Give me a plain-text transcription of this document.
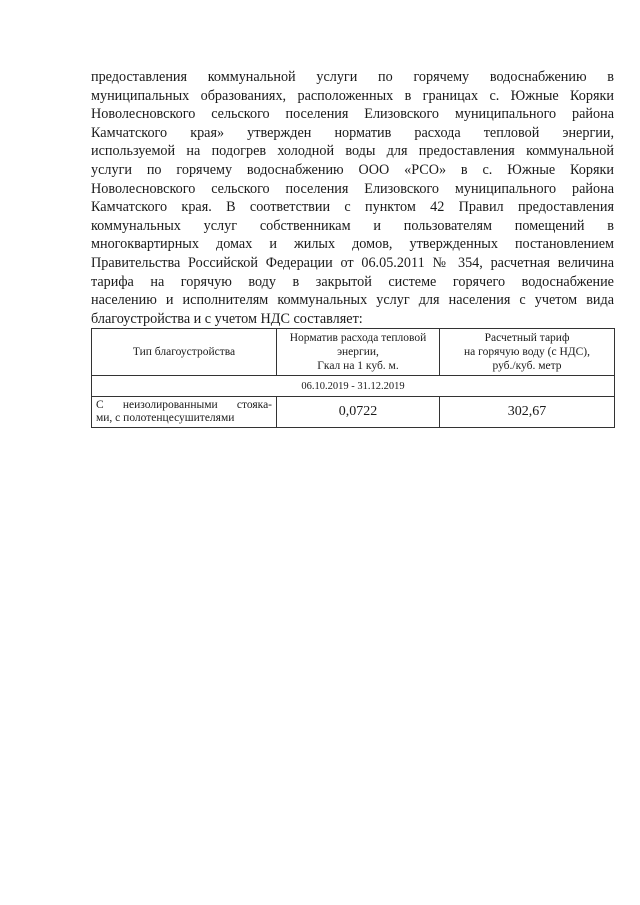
предоставления коммунальной услуги по горячему водоснабжению в
муниципальных образованиях, расположенных в границах с. Южные Коряки
Новолесновского сельского поселения Елизовского муниципального района
Камчатского края» утвержден норматив расхода тепловой энергии,
используемой на подогрев холодной воды для предоставления коммунальной
услуги по горячему водоснабжению ООО «РСО» в с. Южные Коряки
Новолесновского сельского поселения Елизовского муниципального района
Камчатского края. В соответствии с пунктом 42 Правил предоставления
коммунальных услуг собственникам и пользователям помещений в
многоквартирных домах и жилых домов, утвержденных постановлением
Правительства Российской Федерации от 06.05.2011 № 354, расчетная величина
тарифа на горячую воду в закрытой системе горячего водоснабжение
населению и исполнителям коммунальных услуг для населения с учетом вида
благоустройства и с учетом НДС составляет:

Тип благоустройства	Норматив расхода тепловой
энергии,
Гкал на 1 куб. м.	Расчетный тариф
на горячую воду (с НДС),
руб./куб. метр

06.10.2019 - 31.12.2019		

С неизолированными стояка-
ми, с полотенцесушителями	0,0722	302,67
